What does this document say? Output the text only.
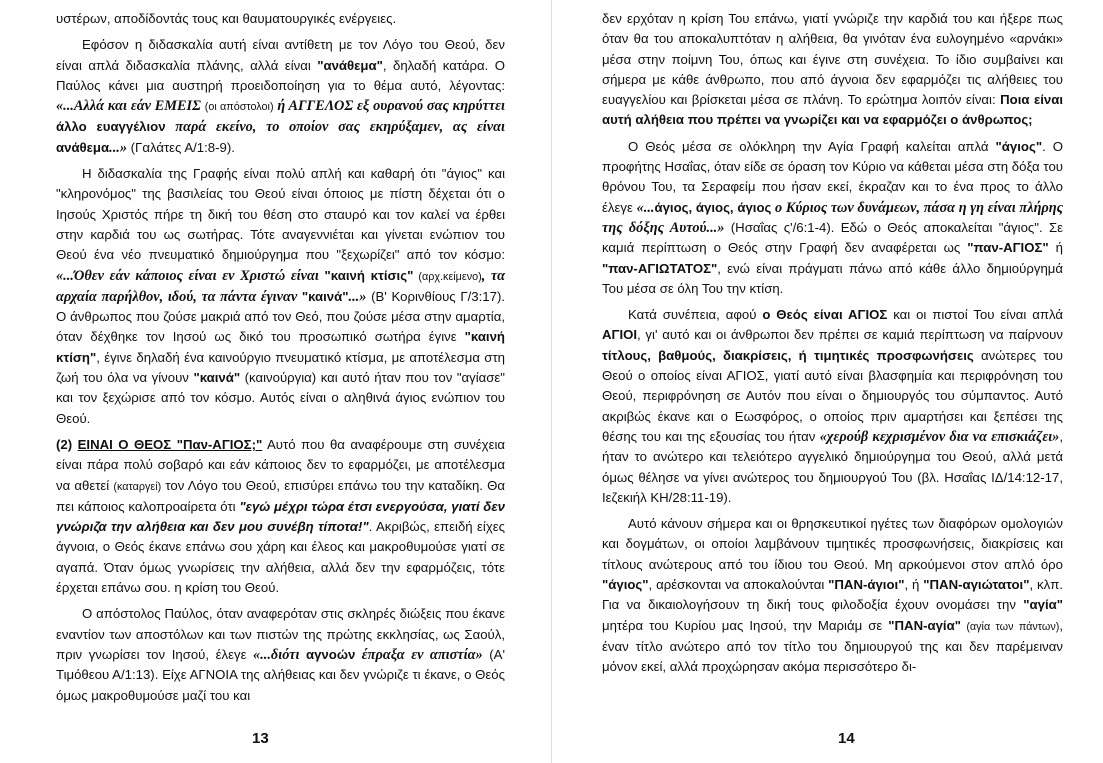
υστέρων, αποδίδοντάς τους και θαυματουργικές ενέργειες.

Εφόσον η διδασκαλία αυτή είναι αντίθετη με τον Λόγο του Θεού, δεν είναι απλά διδασκαλία πλάνης, αλλά είναι "ανάθεμα", δηλαδή κατάρα. Ο Παύλος κάνει μια αυστηρή προειδοποίηση για το θέμα αυτό, λέγοντας: «...Αλλά και εάν ΕΜΕΙΣ (οι απόστολοι) ή ΑΓΓΕΛΟΣ εξ ουρανού σας κηρύττει άλλο ευαγγέλιον παρά εκείνο, το οποίον σας εκηρύξαμεν, ας είναι ανάθεμα...» (Γαλάτες Α/1:8-9).

Η διδασκαλία της Γραφής είναι πολύ απλή και καθαρή ότι "άγιος" και "κληρονόμος" της βασιλείας του Θεού είναι όποιος με πίστη δέχεται ότι ο Ιησούς Χριστός πήρε τη δική του θέση στο σταυρό και τον καλεί να έρθει στην καρδιά του ως σωτήρας. Τότε αναγεννιέται και γίνεται ενώπιον του Θεού ένα νέο πνευματικό δημιούργημα που "ξεχωρίζει" από τον κόσμο: «...Όθεν εάν κάποιος είναι εν Χριστώ είναι "καινή κτίσις" (αρχ.κείμενο), τα αρχαία παρήλθον, ιδού, τα πάντα έγιναν "καινά"...» (Β' Κορινθίους Γ/3:17). Ο άνθρωπος που ζούσε μακριά από τον Θεό, που ζούσε μέσα στην αμαρτία, όταν δέχθηκε τον Ιησού ως δικό του προσωπικό σωτήρα έγινε "καινή κτίση", έγινε δηλαδή ένα καινούργιο πνευματικό κτίσμα, με αποτέλεσμα στη ζωή του όλα να γίνουν "καινά" (καινούργια) και αυτό ήταν που τον "αγίασε" και τον ξεχώρισε από τον κόσμο. Αυτός είναι ο αληθινά άγιος ενώπιον του Θεού.

(2) ΕΙΝΑΙ Ο ΘΕΟΣ "Παν-ΑΓΙΟΣ;" Αυτό που θα αναφέρουμε στη συνέχεια είναι πάρα πολύ σοβαρό και εάν κάποιος δεν το εφαρμόζει, με αποτέλεσμα να αθετεί (καταργεί) τον Λόγο του Θεού, επισύρει επάνω του την καταδίκη. Θα πει κάποιος καλοπροαίρετα ότι "εγώ μέχρι τώρα έτσι ενεργούσα, γιατί δεν γνώριζα την αλήθεια και δεν μου συνέβη τίποτα!". Ακριβώς, επειδή είχες άγνοια, ο Θεός έκανε επάνω σου χάρη και έλεος και μακροθυμούσε γιατί σε αγαπά. Όταν όμως γνωρίσεις την αλήθεια, αλλά δεν την εφαρμόζεις, τότε έρχεται επάνω σου. η κρίση του Θεού.

Ο απόστολος Παύλος, όταν αναφερόταν στις σκληρές διώξεις που έκανε εναντίον των αποστόλων και των πιστών της πρώτης εκκλησίας, ως Σαούλ, πριν γνωρίσει τον Ιησού, έλεγε «...διότι αγνοών έπραξα εν απιστία» (Α' Τιμόθεου Α/1:13). Είχε ΑΓΝΟΙΑ της αλήθειας και δεν γνώριζε τι έκανε, ο Θεός όμως μακροθυμούσε μαζί του και

13

δεν ερχόταν η κρίση Του επάνω, γιατί γνώριζε την καρδιά του και ήξερε πως όταν θα του αποκαλυπτόταν η αλήθεια, θα γινόταν ένα ευλογημένο «αρνάκι» μέσα στην ποίμνη Του, όπως και έγινε στη συνέχεια. Το ίδιο συμβαίνει και σήμερα με κάθε άνθρωπο, που από άγνοια δεν εφαρμόζει τις αλήθειες του ευαγγελίου και βρίσκεται μέσα σε πλάνη. Το ερώτημα λοιπόν είναι: Ποια είναι αυτή αλήθεια που πρέπει να γνωρίζει και να εφαρμόζει ο άνθρωπος;

Ο Θεός μέσα σε ολόκληρη την Αγία Γραφή καλείται απλά "άγιος". Ο προφήτης Ησαΐας, όταν είδε σε όραση τον Κύριο να κάθεται μέσα στη δόξα του θρόνου Του, τα Σεραφείμ που ήσαν εκεί, έκραζαν και το ένα προς το άλλο έλεγε «...άγιος, άγιος, άγιος ο Κύριος των δυνάμεων, πάσα η γη είναι πλήρης της δόξης Αυτού...» (Ησαΐας ς'/6:1-4). Εδώ ο Θεός αποκαλείται "άγιος". Σε καμιά περίπτωση ο Θεός στην Γραφή δεν αναφέρεται ως "παν-ΑΓΙΟΣ" ή "παν-ΑΓΙΩΤΑΤΟΣ", ενώ είναι πράγματι πάνω από κάθε άλλο δημιούργημά Του μέσα σε όλη Του την κτίση.

Κατά συνέπεια, αφού ο Θεός είναι ΑΓΙΟΣ και οι πιστοί Του είναι απλά ΑΓΙΟΙ, γι' αυτό και οι άνθρωποι δεν πρέπει σε καμιά περίπτωση να παίρνουν τίτλους, βαθμούς, διακρίσεις, ή τιμητικές προσφωνήσεις ανώτερες του Θεού ο οποίος είναι ΑΓΙΟΣ, γιατί αυτό είναι βλασφημία και περιφρόνηση του Θεού, περιφρόνηση σε Αυτόν που είναι ο δημιουργός του σύμπαντος. Αυτό ακριβώς έκανε και ο Εωσφόρος, ο οποίος πριν αμαρτήσει και ξεπέσει της θέσης του και της εξουσίας του ήταν «χερούβ κεχρισμένον δια να επισκιάζει», ήταν το ανώτερο και τελειότερο αγγελικό δημιούργημα του Θεού, αλλά μετά όμως θέλησε να γίνει ανώτερος του δημιουργού Του (βλ. Ησαΐας ΙΔ/14:12-17, Ιεζεκιήλ ΚΗ/28:11-19).

Αυτό κάνουν σήμερα και οι θρησκευτικοί ηγέτες των διαφόρων ομολογιών και δογμάτων, οι οποίοι λαμβάνουν τιμητικές προσφωνήσεις, διακρίσεις και τίτλους ανώτερους από του ίδιου του Θεού. Μη αρκούμενοι στον απλό όρο "άγιος", αρέσκονται να αποκαλούνται "ΠΑΝ-άγιοι", ή "ΠΑΝ-αγιώτατοι", κλπ. Για να δικαιολογήσουν τη δική τους φιλοδοξία έχουν ονομάσει την "αγία" μητέρα του Κυρίου μας Ιησού, την Μαριάμ σε "ΠΑΝ-αγία" (αγία των πάντων), έναν τίτλο ανώτερο από τον τίτλο του δημιουργού της και δεν παρέμειναν μόνον εκεί, αλλά προχώρησαν ακόμα περισσότερο δι-

14
